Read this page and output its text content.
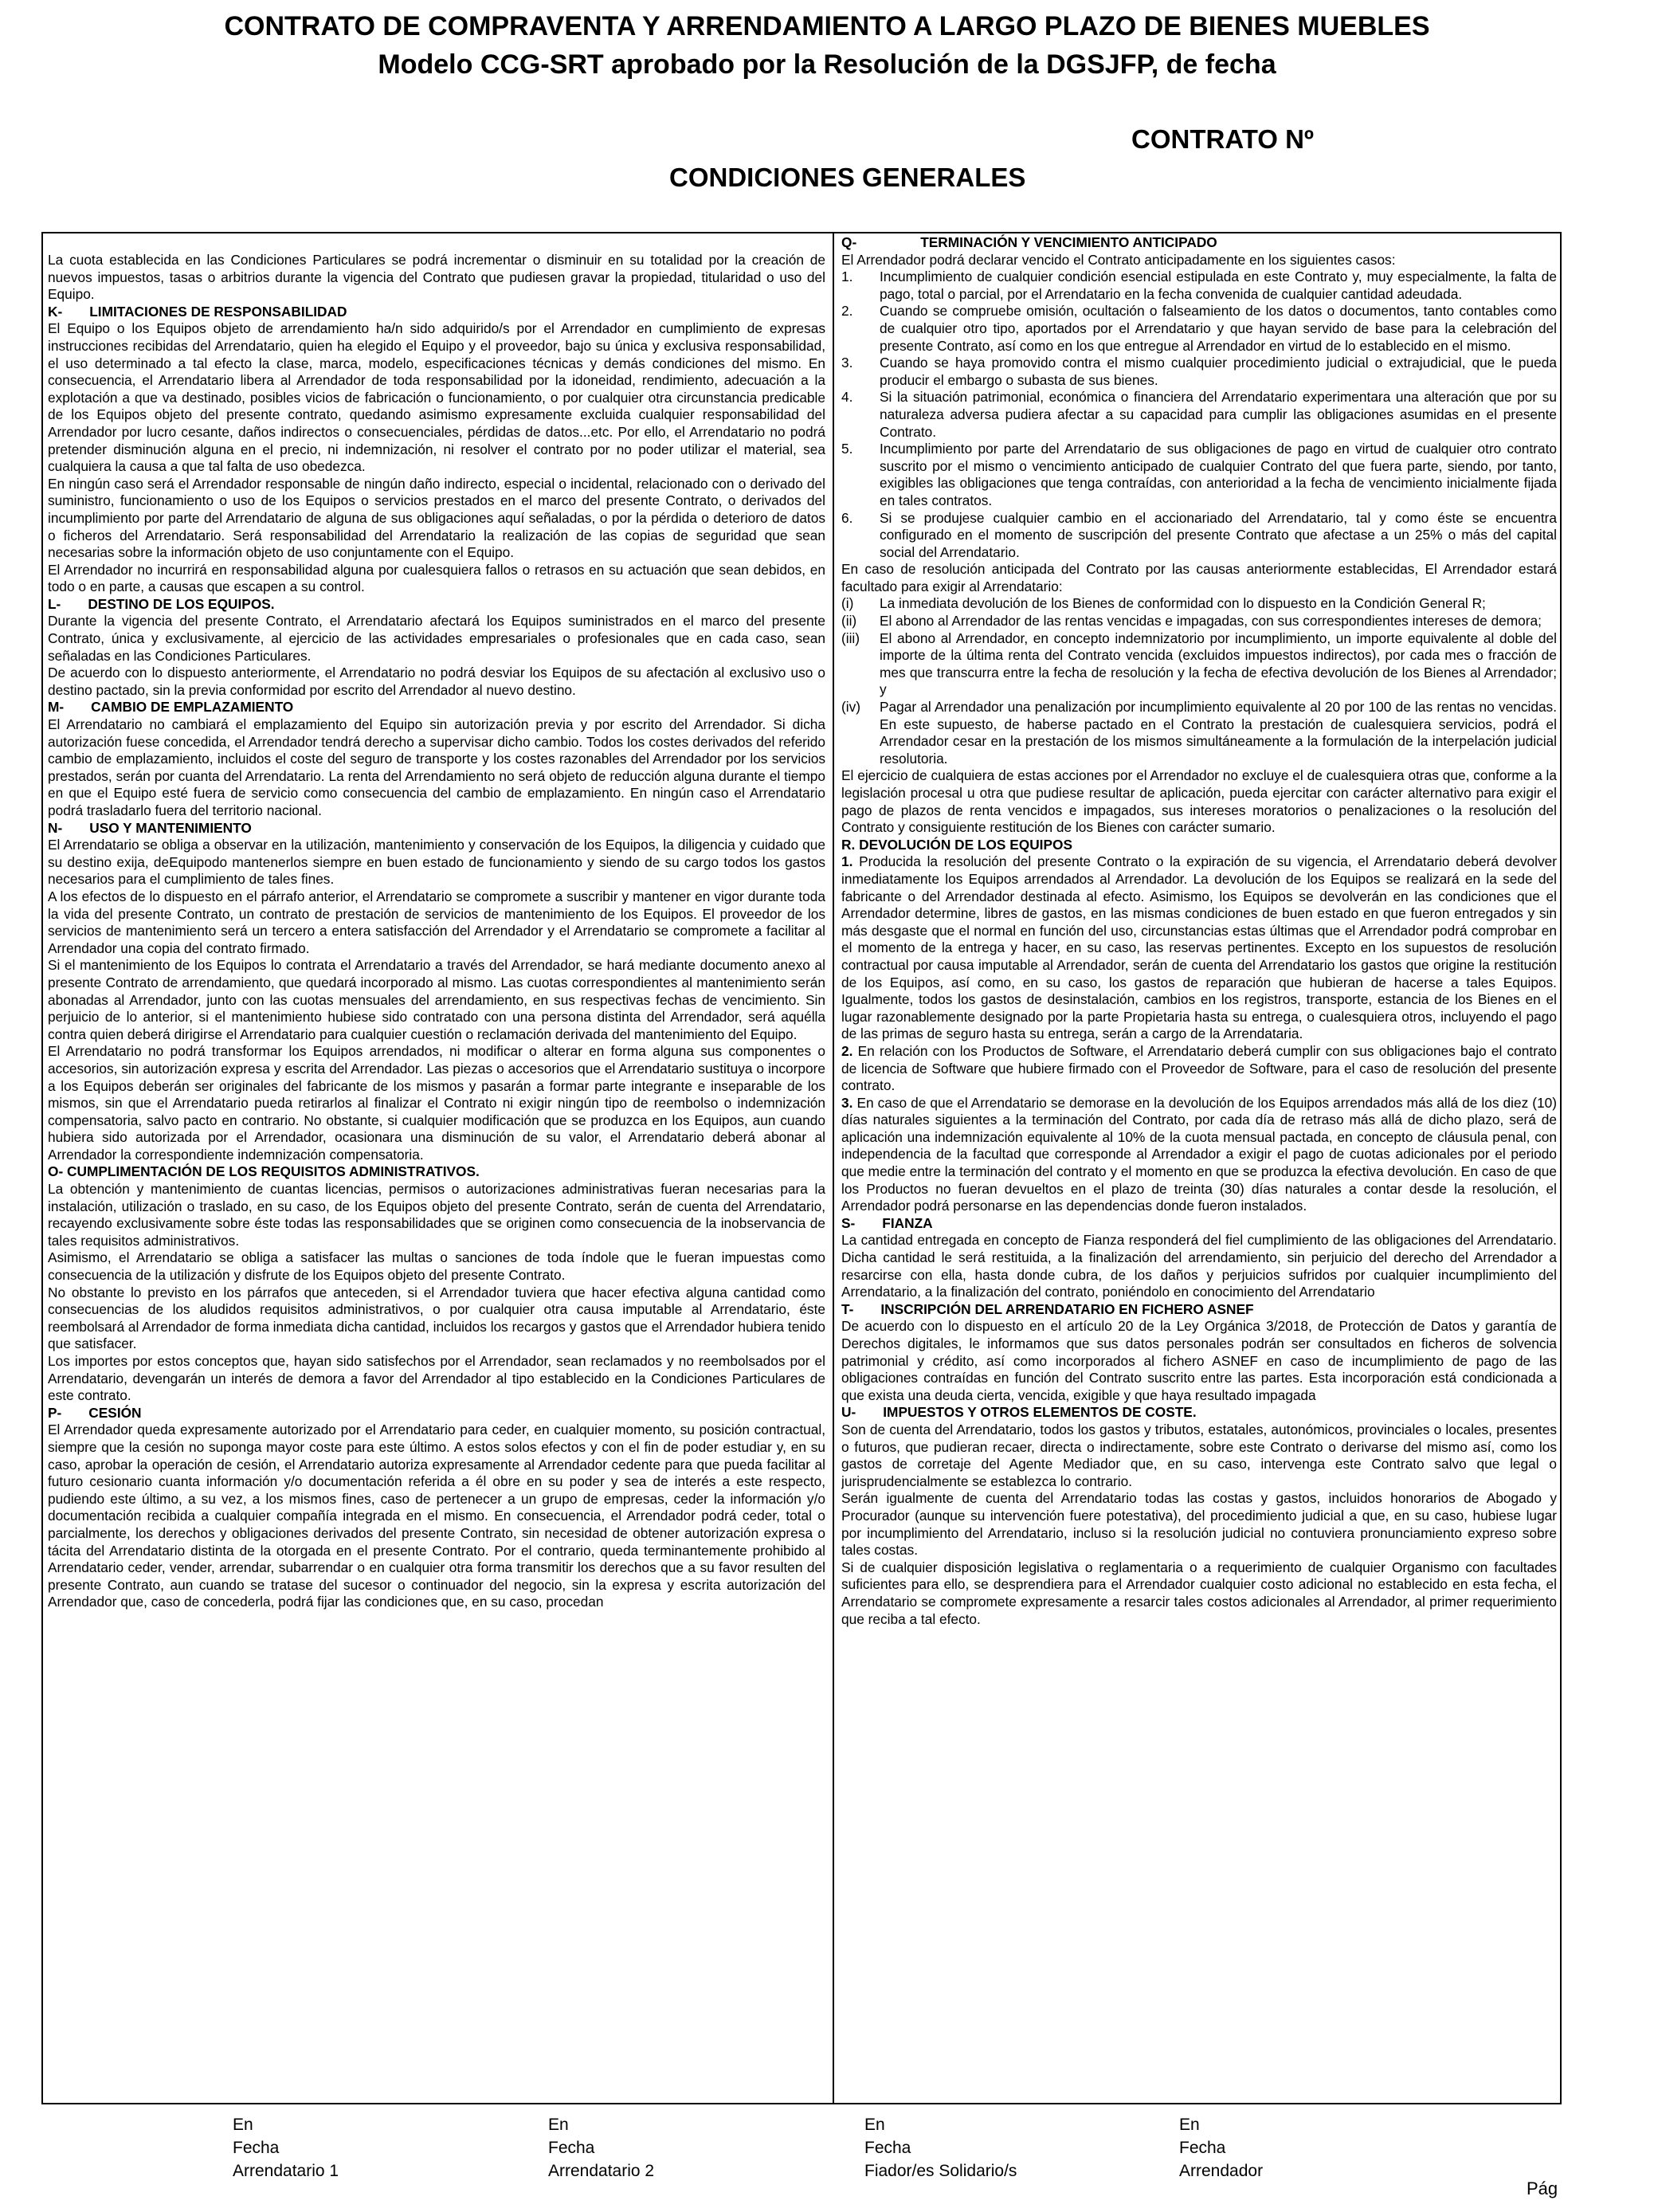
CONTRATO DE COMPRAVENTA Y ARRENDAMIENTO A LARGO PLAZO DE BIENES MUEBLES
Modelo CCG-SRT aprobado por la Resolución de la DGSJFP, de fecha
CONTRATO Nº
CONDICIONES GENERALES

La cuota establecida en las Condiciones Particulares se podrá incrementar o disminuir en su totalidad por la creación de nuevos impuestos, tasas o arbitrios durante la vigencia del Contrato que pudiesen gravar la propiedad, titularidad o uso del Equipo.

K- LIMITACIONES DE RESPONSABILIDAD

El Equipo o los Equipos objeto de arrendamiento ha/n sido adquirido/s por el Arrendador en cumplimiento de expresas instrucciones recibidas del Arrendatario, quien ha elegido el Equipo y el proveedor, bajo su única y exclusiva responsabilidad, el uso determinado a tal efecto la clase, marca, modelo, especificaciones técnicas y demás condiciones del mismo. En consecuencia, el Arrendatario libera al Arrendador de toda responsabilidad por la idoneidad, rendimiento, adecuación a la explotación a que va destinado, posibles vicios de fabricación o funcionamiento, o por cualquier otra circunstancia predicable de los Equipos objeto del presente contrato, quedando asimismo expresamente excluida cualquier responsabilidad del Arrendador por lucro cesante, daños indirectos o consecuenciales, pérdidas de datos...etc. Por ello, el Arrendatario no podrá pretender disminución alguna en el precio, ni indemnización, ni resolver el contrato por no poder utilizar el material, sea cualquiera la causa a que tal falta de uso obedezca.

En ningún caso será el Arrendador responsable de ningún daño indirecto, especial o incidental, relacionado con o derivado del suministro, funcionamiento o uso de los Equipos o servicios prestados en el marco del presente Contrato, o derivados del incumplimiento por parte del Arrendatario de alguna de sus obligaciones aquí señaladas, o por la pérdida o deterioro de datos o ficheros del Arrendatario. Será responsabilidad del Arrendatario la realización de las copias de seguridad que sean necesarias sobre la información objeto de uso conjuntamente con el Equipo.

El Arrendador no incurrirá en responsabilidad alguna por cualesquiera fallos o retrasos en su actuación que sean debidos, en todo o en parte, a causas que escapen a su control.

L- DESTINO DE LOS EQUIPOS.

Durante la vigencia del presente Contrato, el Arrendatario afectará los Equipos suministrados en el marco del presente Contrato, única y exclusivamente, al ejercicio de las actividades empresariales o profesionales que en cada caso, sean señaladas en las Condiciones Particulares.

De acuerdo con lo dispuesto anteriormente, el Arrendatario no podrá desviar los Equipos de su afectación al exclusivo uso o destino pactado, sin la previa conformidad por escrito del Arrendador al nuevo destino.

M- CAMBIO DE EMPLAZAMIENTO

El Arrendatario no cambiará el emplazamiento del Equipo sin autorización previa y por escrito del Arrendador. Si dicha autorización fuese concedida, el Arrendador tendrá derecho a supervisar dicho cambio. Todos los costes derivados del referido cambio de emplazamiento, incluidos el coste del seguro de transporte y los costes razonables del Arrendador por los servicios prestados, serán por cuanta del Arrendatario. La renta del Arrendamiento no será objeto de reducción alguna durante el tiempo en que el Equipo esté fuera de servicio como consecuencia del cambio de emplazamiento. En ningún caso el Arrendatario podrá trasladarlo fuera del territorio nacional.

N- USO Y MANTENIMIENTO

El Arrendatario se obliga a observar en la utilización, mantenimiento y conservación de los Equipos, la diligencia y cuidado que su destino exija, deEquipodo mantenerlos siempre en buen estado de funcionamiento y siendo de su cargo todos los gastos necesarios para el cumplimiento de tales fines.

A los efectos de lo dispuesto en el párrafo anterior, el Arrendatario se compromete a suscribir y mantener en vigor durante toda la vida del presente Contrato, un contrato de prestación de servicios de mantenimiento de los Equipos. El proveedor de los servicios de mantenimiento será un tercero a entera satisfacción del Arrendador y el Arrendatario se compromete a facilitar al Arrendador una copia del contrato firmado.

Si el mantenimiento de los Equipos lo contrata el Arrendatario a través del Arrendador, se hará mediante documento anexo al presente Contrato de arrendamiento, que quedará incorporado al mismo. Las cuotas correspondientes al mantenimiento serán abonadas al Arrendador, junto con las cuotas mensuales del arrendamiento, en sus respectivas fechas de vencimiento. Sin perjuicio de lo anterior, si el mantenimiento hubiese sido contratado con una persona distinta del Arrendador, será aquélla contra quien deberá dirigirse el Arrendatario para cualquier cuestión o reclamación derivada del mantenimiento del Equipo.

El Arrendatario no podrá transformar los Equipos arrendados, ni modificar o alterar en forma alguna sus componentes o accesorios, sin autorización expresa y escrita del Arrendador. Las piezas o accesorios que el Arrendatario sustituya o incorpore a los Equipos deberán ser originales del fabricante de los mismos y pasarán a formar parte integrante e inseparable de los mismos, sin que el Arrendatario pueda retirarlos al finalizar el Contrato ni exigir ningún tipo de reembolso o indemnización compensatoria, salvo pacto en contrario. No obstante, si cualquier modificación que se produzca en los Equipos, aun cuando hubiera sido autorizada por el Arrendador, ocasionara una disminución de su valor, el Arrendatario deberá abonar al Arrendador la correspondiente indemnización compensatoria.

O- CUMPLIMENTACIÓN DE LOS REQUISITOS ADMINISTRATIVOS.

La obtención y mantenimiento de cuantas licencias, permisos o autorizaciones administrativas fueran necesarias para la instalación, utilización o traslado, en su caso, de los Equipos objeto del presente Contrato, serán de cuenta del Arrendatario, recayendo exclusivamente sobre éste todas las responsabilidades que se originen como consecuencia de la inobservancia de tales requisitos administrativos.

Asimismo, el Arrendatario se obliga a satisfacer las multas o sanciones de toda índole que le fueran impuestas como consecuencia de la utilización y disfrute de los Equipos objeto del presente Contrato.

No obstante lo previsto en los párrafos que anteceden, si el Arrendador tuviera que hacer efectiva alguna cantidad como consecuencias de los aludidos requisitos administrativos, o por cualquier otra causa imputable al Arrendatario, éste reembolsará al Arrendador de forma inmediata dicha cantidad, incluidos los recargos y gastos que el Arrendador hubiera tenido que satisfacer.

Los importes por estos conceptos que, hayan sido satisfechos por el Arrendador, sean reclamados y no reembolsados por el Arrendatario, devengarán un interés de demora a favor del Arrendador al tipo establecido en la Condiciones Particulares de este contrato.

P- CESIÓN

El Arrendador queda expresamente autorizado por el Arrendatario para ceder, en cualquier momento, su posición contractual, siempre que la cesión no suponga mayor coste para este último. A estos solos efectos y con el fin de poder estudiar y, en su caso, aprobar la operación de cesión, el Arrendatario autoriza expresamente al Arrendador cedente para que pueda facilitar al futuro cesionario cuanta información y/o documentación referida a él obre en su poder y sea de interés a este respecto, pudiendo este último, a su vez, a los mismos fines, caso de pertenecer a un grupo de empresas, ceder la información y/o documentación recibida a cualquier compañía integrada en el mismo. En consecuencia, el Arrendador podrá ceder, total o parcialmente, los derechos y obligaciones derivados del presente Contrato, sin necesidad de obtener autorización expresa o tácita del Arrendatario distinta de la otorgada en el presente Contrato. Por el contrario, queda terminantemente prohibido al Arrendatario ceder, vender, arrendar, subarrendar o en cualquier otra forma transmitir los derechos que a su favor resulten del presente Contrato, aun cuando se tratase del sucesor o continuador del negocio, sin la expresa y escrita autorización del Arrendador que, caso de concederla, podrá fijar las condiciones que, en su caso, procedan

Q-	TERMINACIÓN Y VENCIMIENTO ANTICIPADO

El Arrendador podrá declarar vencido el Contrato anticipadamente en los siguientes casos:

1.	Incumplimiento de cualquier condición esencial estipulada en este Contrato y, muy especialmente, la falta de pago, total o parcial, por el Arrendatario en la fecha convenida de cualquier cantidad adeudada.
2.	Cuando se compruebe omisión, ocultación o falseamiento de los datos o documentos, tanto contables como de cualquier otro tipo, aportados por el Arrendatario y que hayan servido de base para la celebración del presente Contrato, así como en los que entregue al Arrendador en virtud de lo establecido en el mismo.
3.	Cuando se haya promovido contra el mismo cualquier procedimiento judicial o extrajudicial, que le pueda producir el embargo o subasta de sus bienes.
4.	Si la situación patrimonial, económica o financiera del Arrendatario experimentara una alteración que por su naturaleza adversa pudiera afectar a su capacidad para cumplir las obligaciones asumidas en el presente Contrato.
5.	Incumplimiento por parte del Arrendatario de sus obligaciones de pago en virtud de cualquier otro contrato suscrito por el mismo o vencimiento anticipado de cualquier Contrato del que fuera parte, siendo, por tanto, exigibles las obligaciones que tenga contraídas, con anterioridad a la fecha de vencimiento inicialmente fijada en tales contratos.
6.	Si se produjese cualquier cambio en el accionariado del Arrendatario, tal y como éste se encuentra configurado en el momento de suscripción del presente Contrato que afectase a un 25% o más del capital social del Arrendatario.

En caso de resolución anticipada del Contrato por las causas anteriormente establecidas, El Arrendador estará facultado para exigir al Arrendatario:

(i)	La inmediata devolución de los Bienes de conformidad con lo dispuesto en la Condición General R;
(ii)	El abono al Arrendador de las rentas vencidas e impagadas, con sus correspondientes intereses de demora;
(iii)	El abono al Arrendador, en concepto indemnizatorio por incumplimiento, un importe equivalente al doble del importe de la última renta del Contrato vencida (excluidos impuestos indirectos), por cada mes o fracción de mes que transcurra entre la fecha de resolución y la fecha de efectiva devolución de los Bienes al Arrendador; y
(iv)	Pagar al Arrendador una penalización por incumplimiento equivalente al 20 por 100 de las rentas no vencidas. En este supuesto, de haberse pactado en el Contrato la prestación de cualesquiera servicios, podrá el Arrendador cesar en la prestación de los mismos simultáneamente a la formulación de la interpelación judicial resolutoria.

El ejercicio de cualquiera de estas acciones por el Arrendador no excluye el de cualesquiera otras que, conforme a la legislación procesal u otra que pudiese resultar de aplicación, pueda ejercitar con carácter alternativo para exigir el pago de plazos de renta vencidos e impagados, sus intereses moratorios o penalizaciones o la resolución del Contrato y consiguiente restitución de los Bienes con carácter sumario.

R. DEVOLUCIÓN DE LOS EQUIPOS

1. Producida la resolución del presente Contrato o la expiración de su vigencia, el Arrendatario deberá devolver inmediatamente los Equipos arrendados al Arrendador. La devolución de los Equipos se realizará en la sede del fabricante o del Arrendador destinada al efecto. Asimismo, los Equipos se devolverán en las condiciones que el Arrendador determine, libres de gastos, en las mismas condiciones de buen estado en que fueron entregados y sin más desgaste que el normal en función del uso, circunstancias estas últimas que el Arrendador podrá comprobar en el momento de la entrega y hacer, en su caso, las reservas pertinentes. Excepto en los supuestos de resolución contractual por causa imputable al Arrendador, serán de cuenta del Arrendatario los gastos que origine la restitución de los Equipos, así como, en su caso, los gastos de reparación que hubieran de hacerse a tales Equipos. Igualmente, todos los gastos de desinstalación, cambios en los registros, transporte, estancia de los Bienes en el lugar razonablemente designado por la parte Propietaria hasta su entrega, o cualesquiera otros, incluyendo el pago de las primas de seguro hasta su entrega, serán a cargo de la Arrendataria.

2. En relación con los Productos de Software, el Arrendatario deberá cumplir con sus obligaciones bajo el contrato de licencia de Software que hubiere firmado con el Proveedor de Software, para el caso de resolución del presente contrato.

3. En caso de que el Arrendatario se demorase en la devolución de los Equipos arrendados más allá de los diez (10) días naturales siguientes a la terminación del Contrato, por cada día de retraso más allá de dicho plazo, será de aplicación una indemnización equivalente al 10% de la cuota mensual pactada, en concepto de cláusula penal, con independencia de la facultad que corresponde al Arrendador a exigir el pago de cuotas adicionales por el periodo que medie entre la terminación del contrato y el momento en que se produzca la efectiva devolución. En caso de que los Productos no fueran devueltos en el plazo de treinta (30) días naturales a contar desde la resolución, el Arrendador podrá personarse en las dependencias donde fueron instalados.

S- FIANZA

La cantidad entregada en concepto de Fianza responderá del fiel cumplimiento de las obligaciones del Arrendatario. Dicha cantidad le será restituida, a la finalización del arrendamiento, sin perjuicio del derecho del Arrendador a resarcirse con ella, hasta donde cubra, de los daños y perjuicios sufridos por cualquier incumplimiento del Arrendatario, a la finalización del contrato, poniéndolo en conocimiento del Arrendatario

T- INSCRIPCIÓN DEL ARRENDATARIO EN FICHERO ASNEF

De acuerdo con lo dispuesto en el artículo 20 de la Ley Orgánica 3/2018, de Protección de Datos y garantía de Derechos digitales, le informamos que sus datos personales podrán ser consultados en ficheros de solvencia patrimonial y crédito, así como incorporados al fichero ASNEF en caso de incumplimiento de pago de las obligaciones contraídas en función del Contrato suscrito entre las partes. Esta incorporación está condicionada a que exista una deuda cierta, vencida, exigible y que haya resultado impagada

U- IMPUESTOS Y OTROS ELEMENTOS DE COSTE.

Son de cuenta del Arrendatario, todos los gastos y tributos, estatales, autonómicos, provinciales o locales, presentes o futuros, que pudieran recaer, directa o indirectamente, sobre este Contrato o derivarse del mismo así, como los gastos de corretaje del Agente Mediador que, en su caso, intervenga este Contrato salvo que legal o jurisprudencialmente se establezca lo contrario.

Serán igualmente de cuenta del Arrendatario todas las costas y gastos, incluidos honorarios de Abogado y Procurador (aunque su intervención fuere potestativa), del procedimiento judicial a que, en su caso, hubiese lugar por incumplimiento del Arrendatario, incluso si la resolución judicial no contuviera pronunciamiento expreso sobre tales costas.

Si de cualquier disposición legislativa o reglamentaria o a requerimiento de cualquier Organismo con facultades suficientes para ello, se desprendiera para el Arrendador cualquier costo adicional no establecido en esta fecha, el Arrendatario se compromete expresamente a resarcir tales costos adicionales al Arrendador, al primer requerimiento que reciba a tal efecto.

En
Fecha
Arrendatario 1
En
Fecha
Arrendatario 2
En
Fecha
Fiador/es Solidario/s
En
Fecha
Arrendador
Pág
